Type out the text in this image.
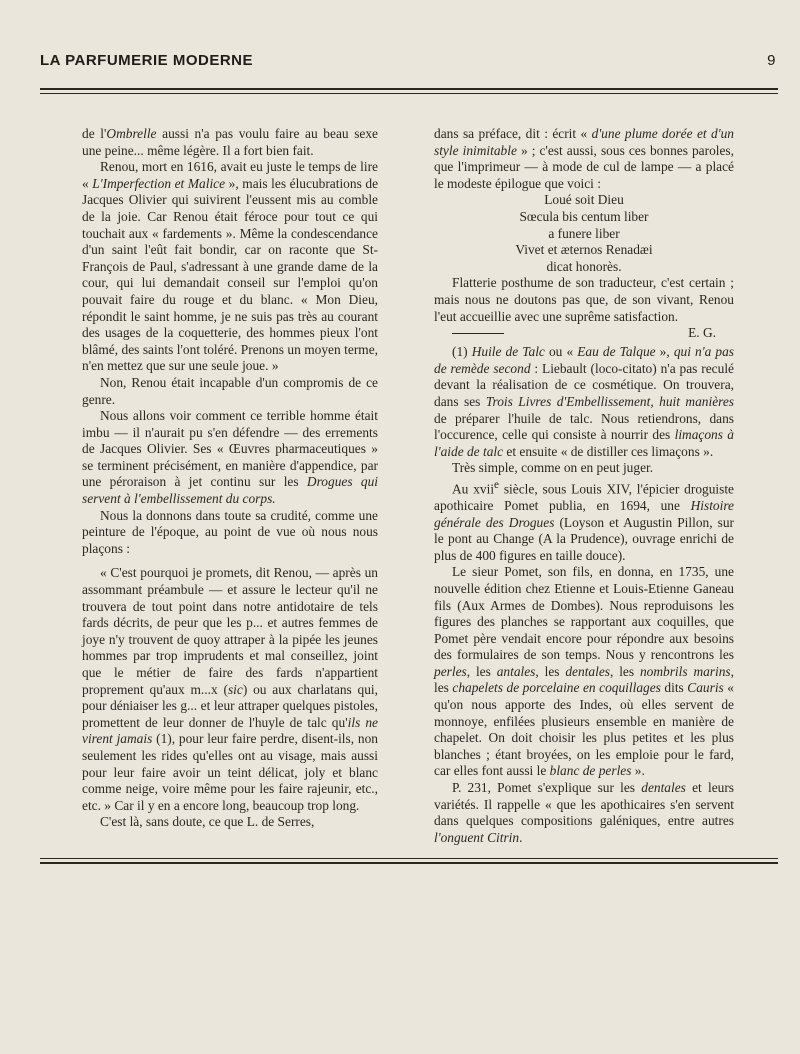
LA PARFUMERIE MODERNE	9

de l'Ombrelle aussi n'a pas voulu faire au beau sexe une peine... même légère. Il a fort bien fait.

Renou, mort en 1616, avait eu juste le temps de lire « L'Imperfection et Malice », mais les élucubrations de Jacques Olivier qui suivirent l'eussent mis au comble de la joie. Car Renou était féroce pour tout ce qui touchait aux « fardements ». Même la condescendance d'un saint l'eût fait bondir, car on raconte que St-François de Paul, s'adressant à une grande dame de la cour, qui lui demandait conseil sur l'emploi qu'on pouvait faire du rouge et du blanc. « Mon Dieu, répondit le saint homme, je ne suis pas très au courant des usages de la coquetterie, des hommes pieux l'ont blâmé, des saints l'ont toléré. Prenons un moyen terme, n'en mettez que sur une seule joue. »

Non, Renou était incapable d'un compromis de ce genre.

Nous allons voir comment ce terrible homme était imbu — il n'aurait pu s'en défendre — des errements de Jacques Olivier. Ses « Œuvres pharmaceutiques » se terminent précisément, en manière d'appendice, par une péroraison à jet continu sur les Drogues qui servent à l'embellissement du corps.

Nous la donnons dans toute sa crudité, comme une peinture de l'époque, au point de vue où nous nous plaçons :

« C'est pourquoi je promets, dit Renou, — après un assommant préambule — et assure le lecteur qu'il ne trouvera de tout point dans notre antidotaire de tels fards décrits, de peur que les p... et autres femmes de joye n'y trouvent de quoy attraper à la pipée les jeunes hommes par trop imprudents et mal conseillez, joint que le métier de faire des fards n'appartient proprement qu'aux m...x (sic) ou aux charlatans qui, pour déniaiser les g... et leur attraper quelques pistoles, promettent de leur donner de l'huyle de talc qu'ils ne virent jamais (1), pour leur faire perdre, disent-ils, non seulement les rides qu'elles ont au visage, mais aussi pour leur faire avoir un teint délicat, joly et blanc comme neige, voire même pour les faire rajeunir, etc., etc. » Car il y en a encore long, beaucoup trop long.

C'est là, sans doute, ce que L. de Serres,

dans sa préface, dit : écrit « d'une plume dorée et d'un style inimitable » ; c'est aussi, sous ces bonnes paroles, que l'imprimeur — à mode de cul de lampe — a placé le modeste épilogue que voici :

Loué soit Dieu
Sœcula bis centum liber
a funere liber
Vivet et æternos Renadæi
dicat honorès.

Flatterie posthume de son traducteur, c'est certain ; mais nous ne doutons pas que, de son vivant, Renou l'eut accueillie avec une suprême satisfaction.
E. G.

(1) Huile de Talc ou « Eau de Talque », qui n'a pas de remède second : Liebault (loco-citato) n'a pas reculé devant la réalisation de ce cosmétique. On trouvera, dans ses Trois Livres d'Embellissement, huit manières de préparer l'huile de talc. Nous retiendrons, dans l'occurence, celle qui consiste à nourrir des limaçons à l'aide de talc et ensuite « de distiller ces limaçons ».

Très simple, comme on en peut juger.

Au xvii$^e$ siècle, sous Louis XIV, l'épicier droguiste apothicaire Pomet publia, en 1694, une Histoire générale des Drogues (Loyson et Augustin Pillon, sur le pont au Change (A la Prudence), ouvrage enrichi de plus de 400 figures en taille douce).

Le sieur Pomet, son fils, en donna, en 1735, une nouvelle édition chez Etienne et Louis-Etienne Ganeau fils (Aux Armes de Dombes). Nous reproduisons les figures des planches se rapportant aux coquilles, que Pomet père vendait encore pour répondre aux besoins des formulaires de son temps. Nous y rencontrons les perles, les antales, les dentales, les nombrils marins, les chapelets de porcelaine en coquillages dits Cauris « qu'on nous apporte des Indes, où elles servent de monnoye, enfilées plusieurs ensemble en manière de chapelet. On doit choisir les plus petites et les plus blanches ; étant broyées, on les emploie pour le fard, car elles font aussi le blanc de perles ».

P. 231, Pomet s'explique sur les dentales et leurs variétés. Il rappelle « que les apothicaires s'en servent dans quelques compositions galéniques, entre autres l'onguent Citrin.
